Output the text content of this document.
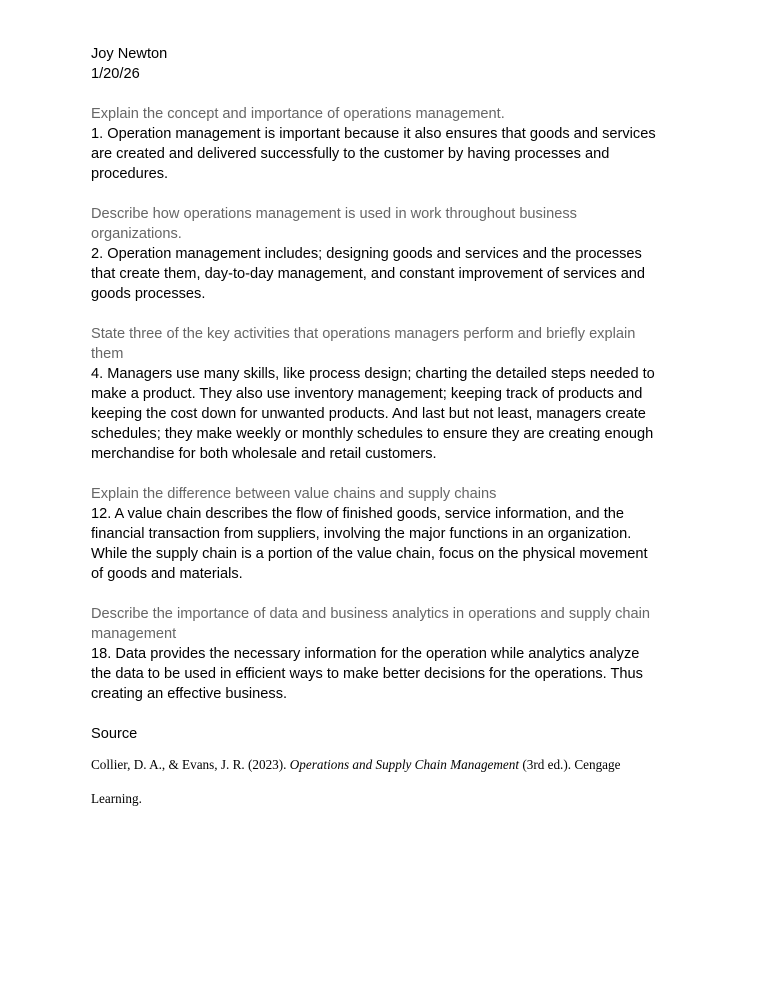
Joy Newton
1/20/26
Explain the concept and importance of operations management.
1. Operation management is important because it also ensures that goods and services
are created and delivered successfully to the customer by having processes and
procedures.
Describe how operations management is used in work throughout business
organizations.
2. Operation management includes; designing goods and services and the processes
that create them, day-to-day management, and constant improvement of services and
goods processes.
State three of the key activities that operations managers perform and briefly explain
them
4. Managers use many skills, like process design; charting the detailed steps needed to
make a product. They also use inventory management; keeping track of products and
keeping the cost down for unwanted products. And last but not least, managers create
schedules; they make weekly or monthly schedules to ensure they are creating enough
merchandise for both wholesale and retail customers.
Explain the difference between value chains and supply chains
12. A value chain describes the flow of finished goods, service information, and the
financial transaction from suppliers, involving the major functions in an organization.
While the supply chain is a portion of the value chain, focus on the physical movement
of goods and materials.
Describe the importance of data and business analytics in operations and supply chain
management
18. Data provides the necessary information for the operation while analytics analyze
the data to be used in efficient ways to make better decisions for the operations. Thus
creating an effective business.
Source
Collier, D. A., & Evans, J. R. (2023). Operations and Supply Chain Management (3rd ed.). Cengage
Learning.
